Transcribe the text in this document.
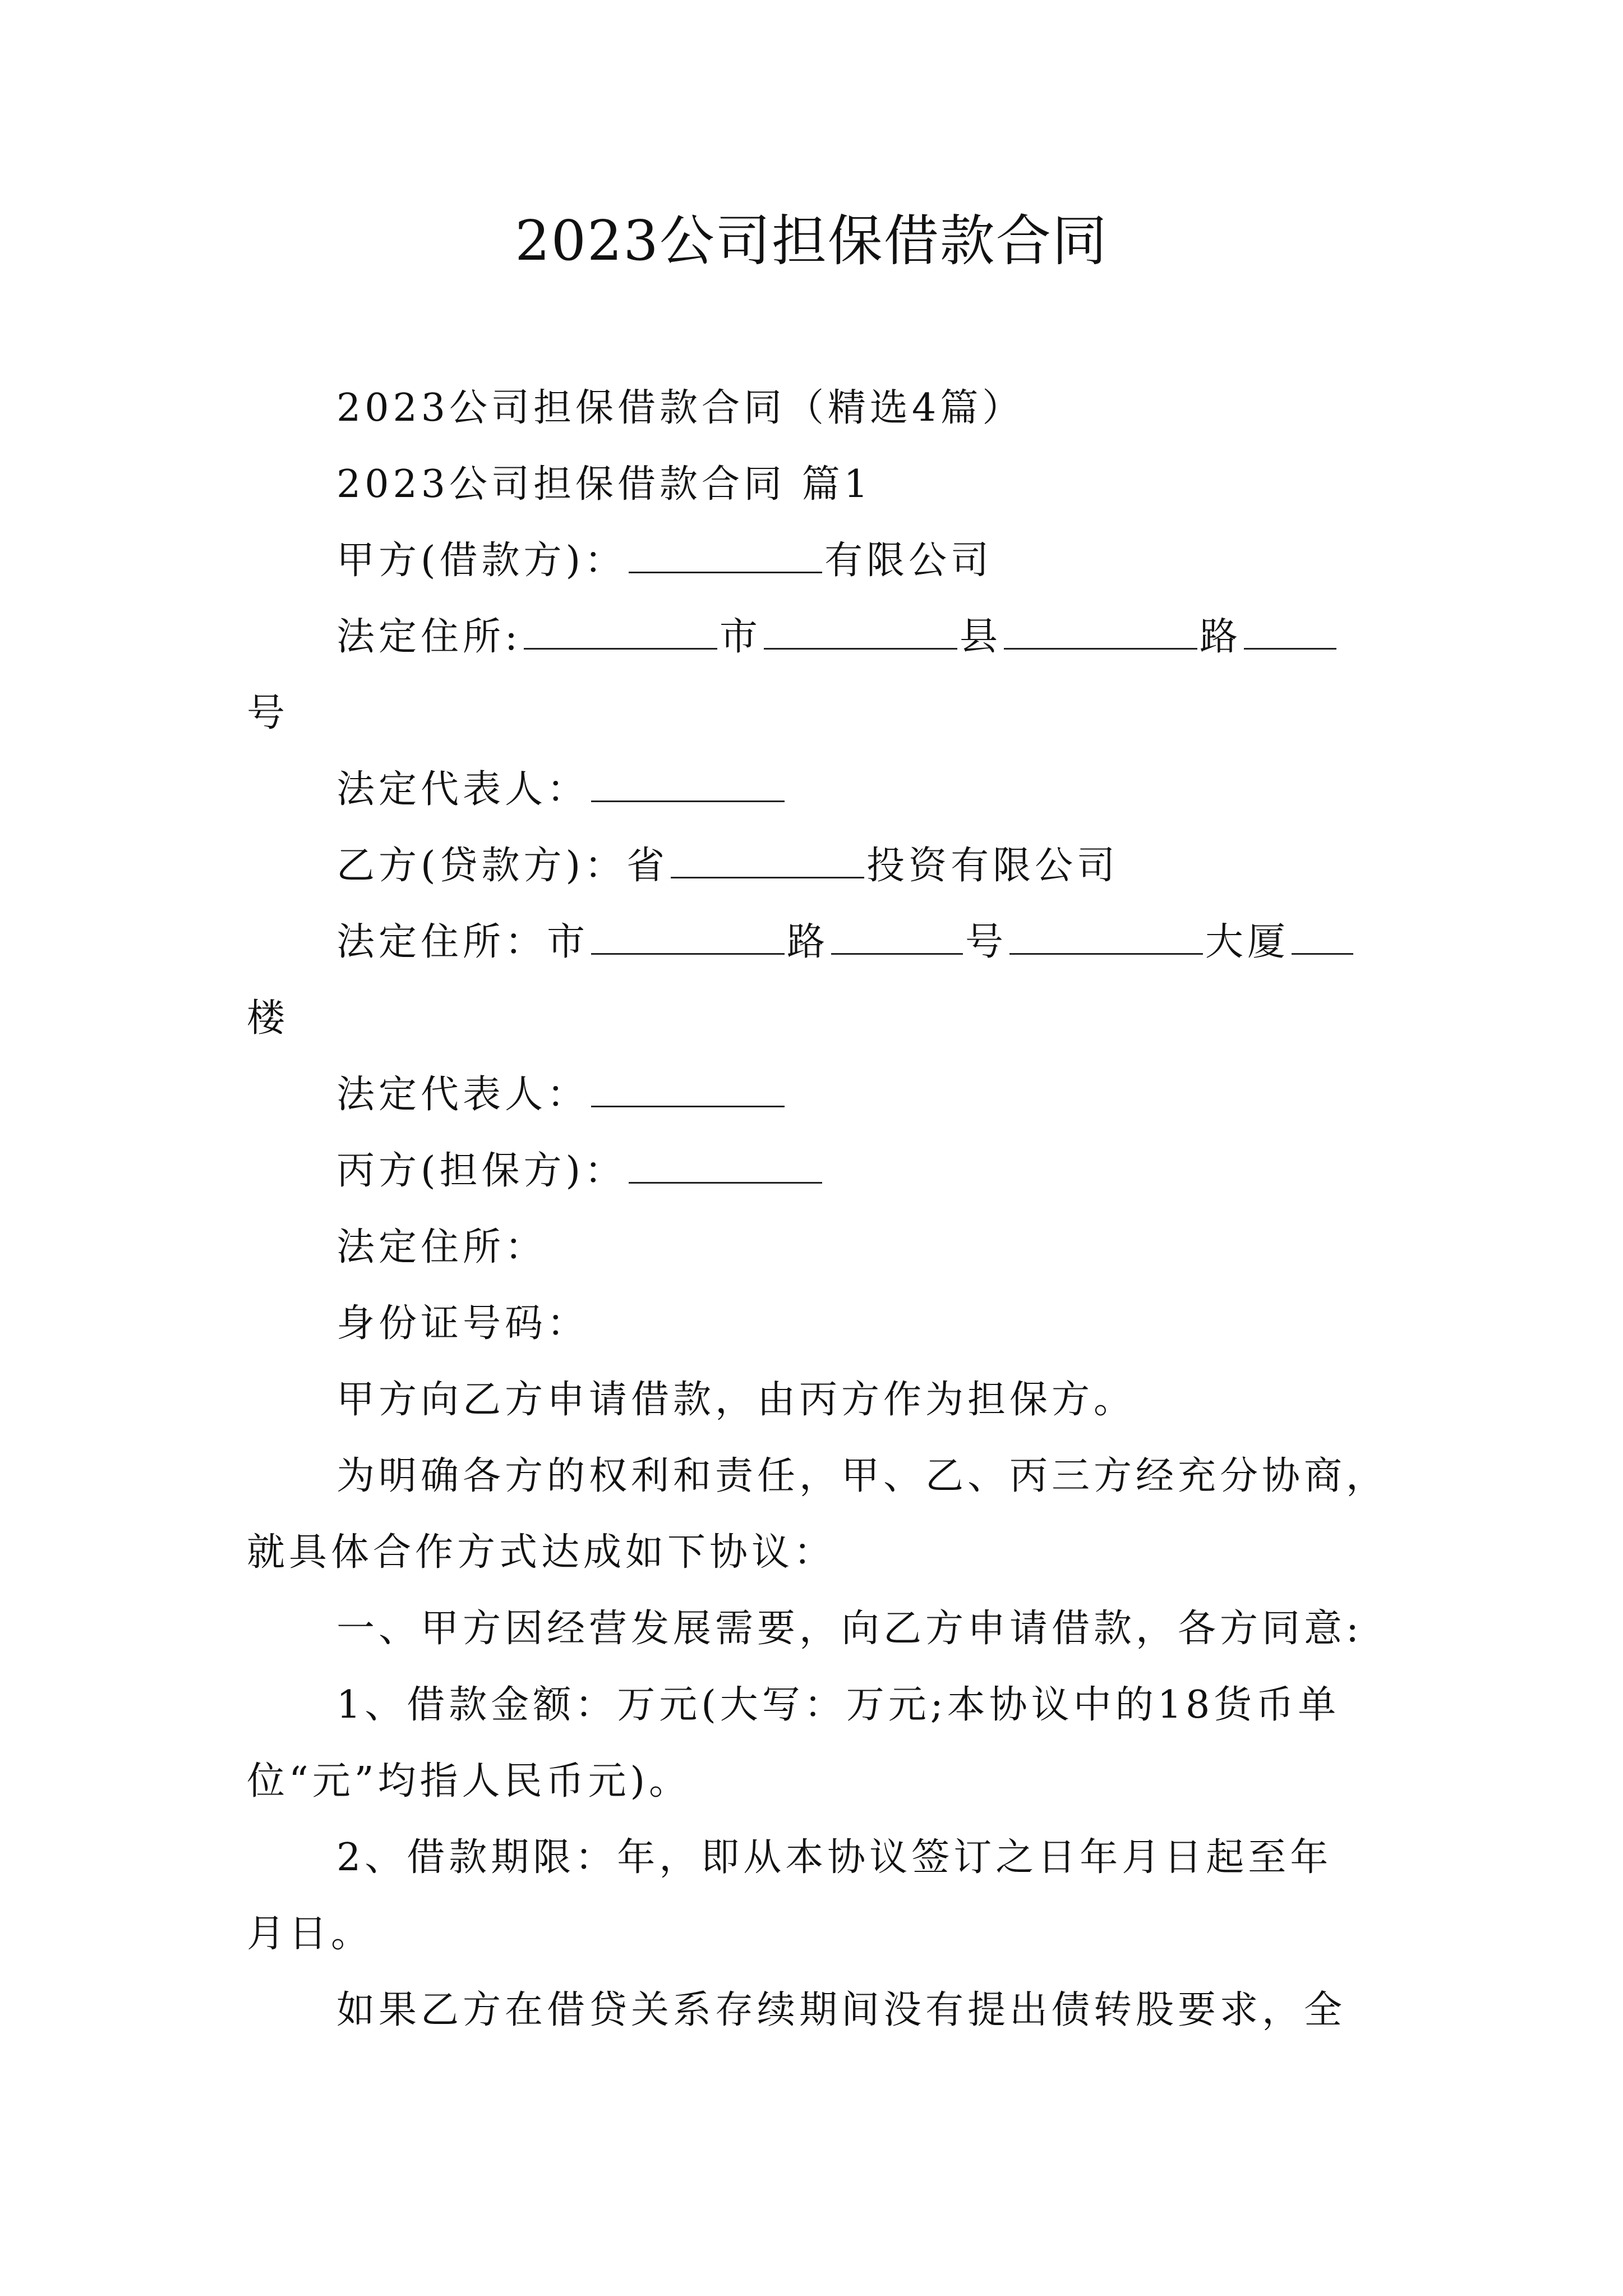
2023公司担保借款合同
2023公司担保借款合同（精选4篇）
2023公司担保借款合同 篇1
甲方(借款方)：	有限公司
法定住所:	市	县	路
号
法定代表人：
乙方(贷款方)：省	投资有限公司
法定住所：市	路	号	大厦
楼
法定代表人：
丙方(担保方)：
法定住所：
身份证号码：
甲方向乙方申请借款，由丙方作为担保方。
为明确各方的权利和责任，甲、乙、丙三方经充分协商，
就具体合作方式达成如下协议：
一、甲方因经营发展需要，向乙方申请借款，各方同意:
1、借款金额：万元(大写：万元;本协议中的18货币单
位“元”均指人民币元)。
2、借款期限：年，即从本协议签订之日年月日起至年
月日。
如果乙方在借贷关系存续期间没有提出债转股要求，全
